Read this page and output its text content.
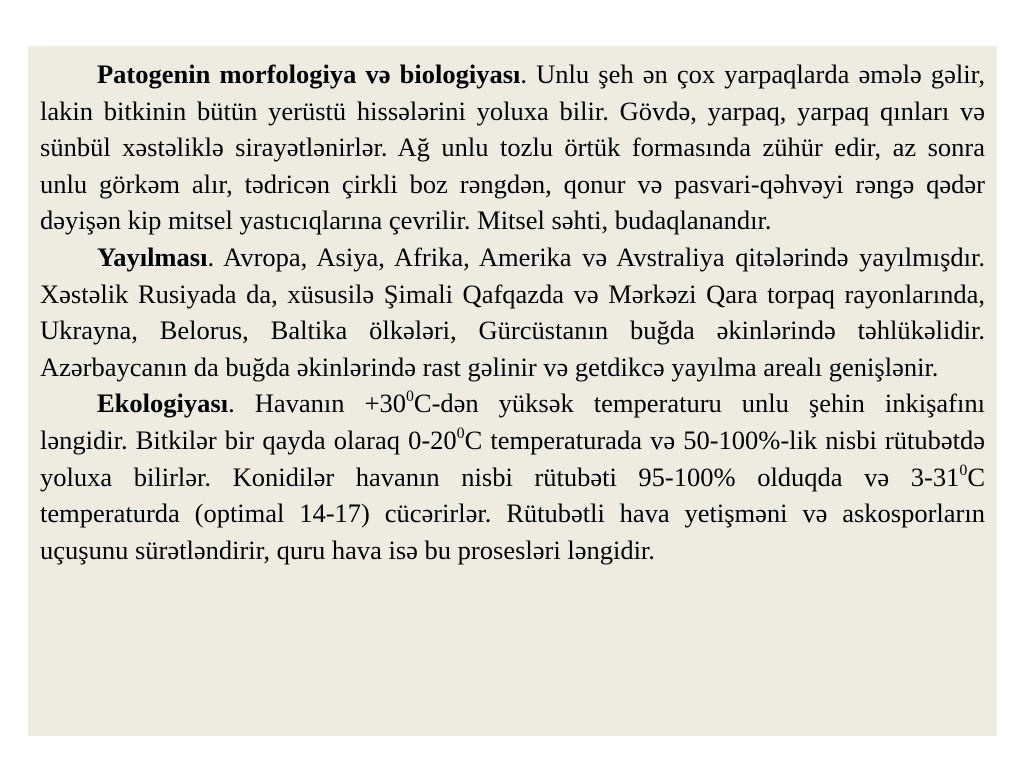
Patogenin morfologiya və biologiyası. Unlu şeh ən çox yarpaqlarda əmələ gəlir, lakin bitkinin bütün yerüstü hissələrini yoluxa bilir. Gövdə, yarpaq, yarpaq qınları və sünbül xəstəliklə sirayətlənirlər. Ağ unlu tozlu örtük formasında zühür edir, az sonra unlu görkəm alır, tədricən çirkli boz rəngdən, qonur və pasvari-qəhvəyi rəngə qədər dəyişən kip mitsel yastıcıqlarına çevrilir. Mitsel səhti, budaqlanandır.

Yayılması. Avropa, Asiya, Afrika, Amerika və Avstraliya qitələrində yayılmışdır. Xəstəlik Rusiyada da, xüsusilə Şimali Qafqazda və Mərkəzi Qara torpaq rayonlarında, Ukrayna, Belorus, Baltika ölkələri, Gürcüstanın buğda əkinlərində təhlükəlidir. Azərbaycanın da buğda əkinlərində rast gəlinir və getdikcə yayılma arealı genişlənir.

Ekologiyası. Havanın $+30^0C$-dən yüksək temperaturu unlu şehin inkişafını ləngidir. Bitkilər bir qayda olaraq $0-20^0C$ temperaturada və 50-100%-lik nisbi rütubətdə yoluxa bilirlər. Konidilər havanın nisbi rütubəti 95-100% olduqda və $3-31^0C$ temperaturda (optimal 14-17) cücərirlər. Rütubətli hava yetişməni və askosporların uçuşunu sürətləndirir, quru hava isə bu prosesləri ləngidir.
